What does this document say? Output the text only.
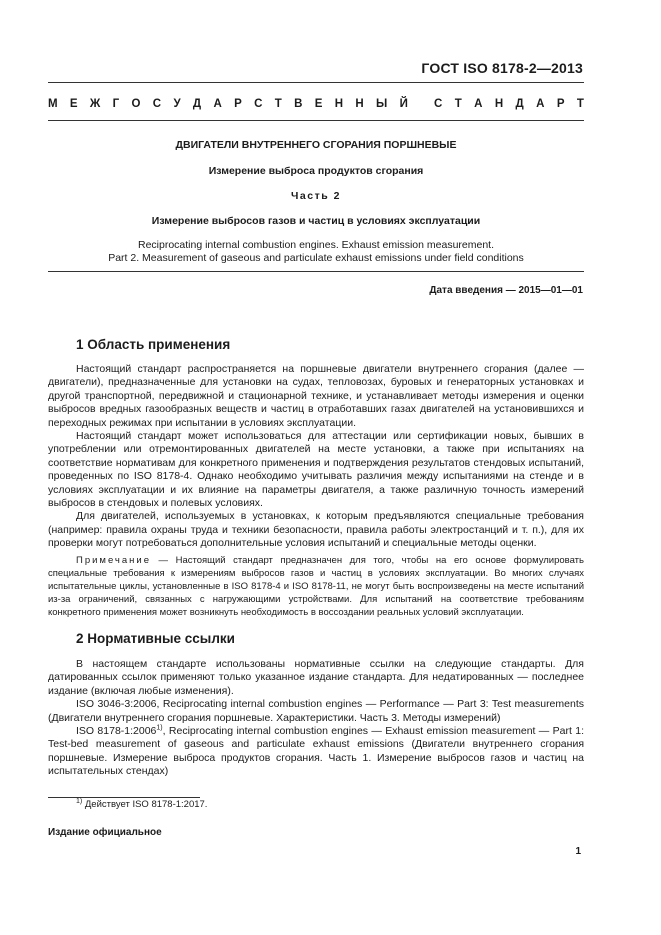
ГОСТ ISO 8178-2—2013
М Е Ж Г О С У Д А Р С Т В Е Н Н Ы Й С Т А Н Д А Р Т
ДВИГАТЕЛИ ВНУТРЕННЕГО СГОРАНИЯ ПОРШНЕВЫЕ
Измерение выброса продуктов сгорания
Часть 2
Измерение выбросов газов и частиц в условиях эксплуатации
Reciprocating internal combustion engines. Exhaust emission measurement.
Part 2. Measurement of gaseous and particulate exhaust emissions under field conditions
Дата введения — 2015—01—01
1 Область применения

Настоящий стандарт распространяется на поршневые двигатели внутреннего сгорания (далее — двигатели), предназначенные для установки на судах, тепловозах, буровых и генераторных установках и другой транспортной, передвижной и стационарной технике, и устанавливает методы измерения и оценки выбросов вредных газообразных веществ и частиц в отработавших газах двигателей на установившихся и переходных режимах при испытании в условиях эксплуатации.

Настоящий стандарт может использоваться для аттестации или сертификации новых, бывших в употреблении или отремонтированных двигателей на месте установки, а также при испытаниях на соответствие нормативам для конкретного применения и подтверждения результатов стендовых испытаний, проведенных по ISO 8178-4. Однако необходимо учитывать различия между испытаниями на стенде и в условиях эксплуатации и их влияние на параметры двигателя, а также различную точность измерений выбросов в стендовых и полевых условиях.

Для двигателей, используемых в установках, к которым предъявляются специальные требования (например: правила охраны труда и техники безопасности, правила работы электростанций и т. п.), для их проверки могут потребоваться дополнительные условия испытаний и специальные методы оценки.

Примечание — Настоящий стандарт предназначен для того, чтобы на его основе формулировать специальные требования к измерениям выбросов газов и частиц в условиях эксплуатации. Во многих случаях испытательные циклы, установленные в ISO 8178-4 и ISO 8178-11, не могут быть воспроизведены на месте испытаний из-за ограничений, связанных с нагружающими устройствами. Для испытаний на соответствие требованиям конкретного применения может возникнуть необходимость в воссоздании реальных условий эксплуатации.

2 Нормативные ссылки

В настоящем стандарте использованы нормативные ссылки на следующие стандарты. Для датированных ссылок применяют только указанное издание стандарта. Для недатированных — последнее издание (включая любые изменения).

ISO 3046-3:2006, Reciprocating internal combustion engines — Performance — Part 3: Test measurements (Двигатели внутреннего сгорания поршневые. Характеристики. Часть 3. Методы измерений)

ISO 8178-1:2006$^{1)}$, Reciprocating internal combustion engines — Exhaust emission measurement — Part 1: Test-bed measurement of gaseous and particulate exhaust emissions (Двигатели внутреннего сгорания поршневые. Измерение выброса продуктов сгорания. Часть 1. Измерение выбросов газов и частиц на испытательных стендах)

$^{1)}$ Действует ISO 8178-1:2017.
Издание официальное
1
